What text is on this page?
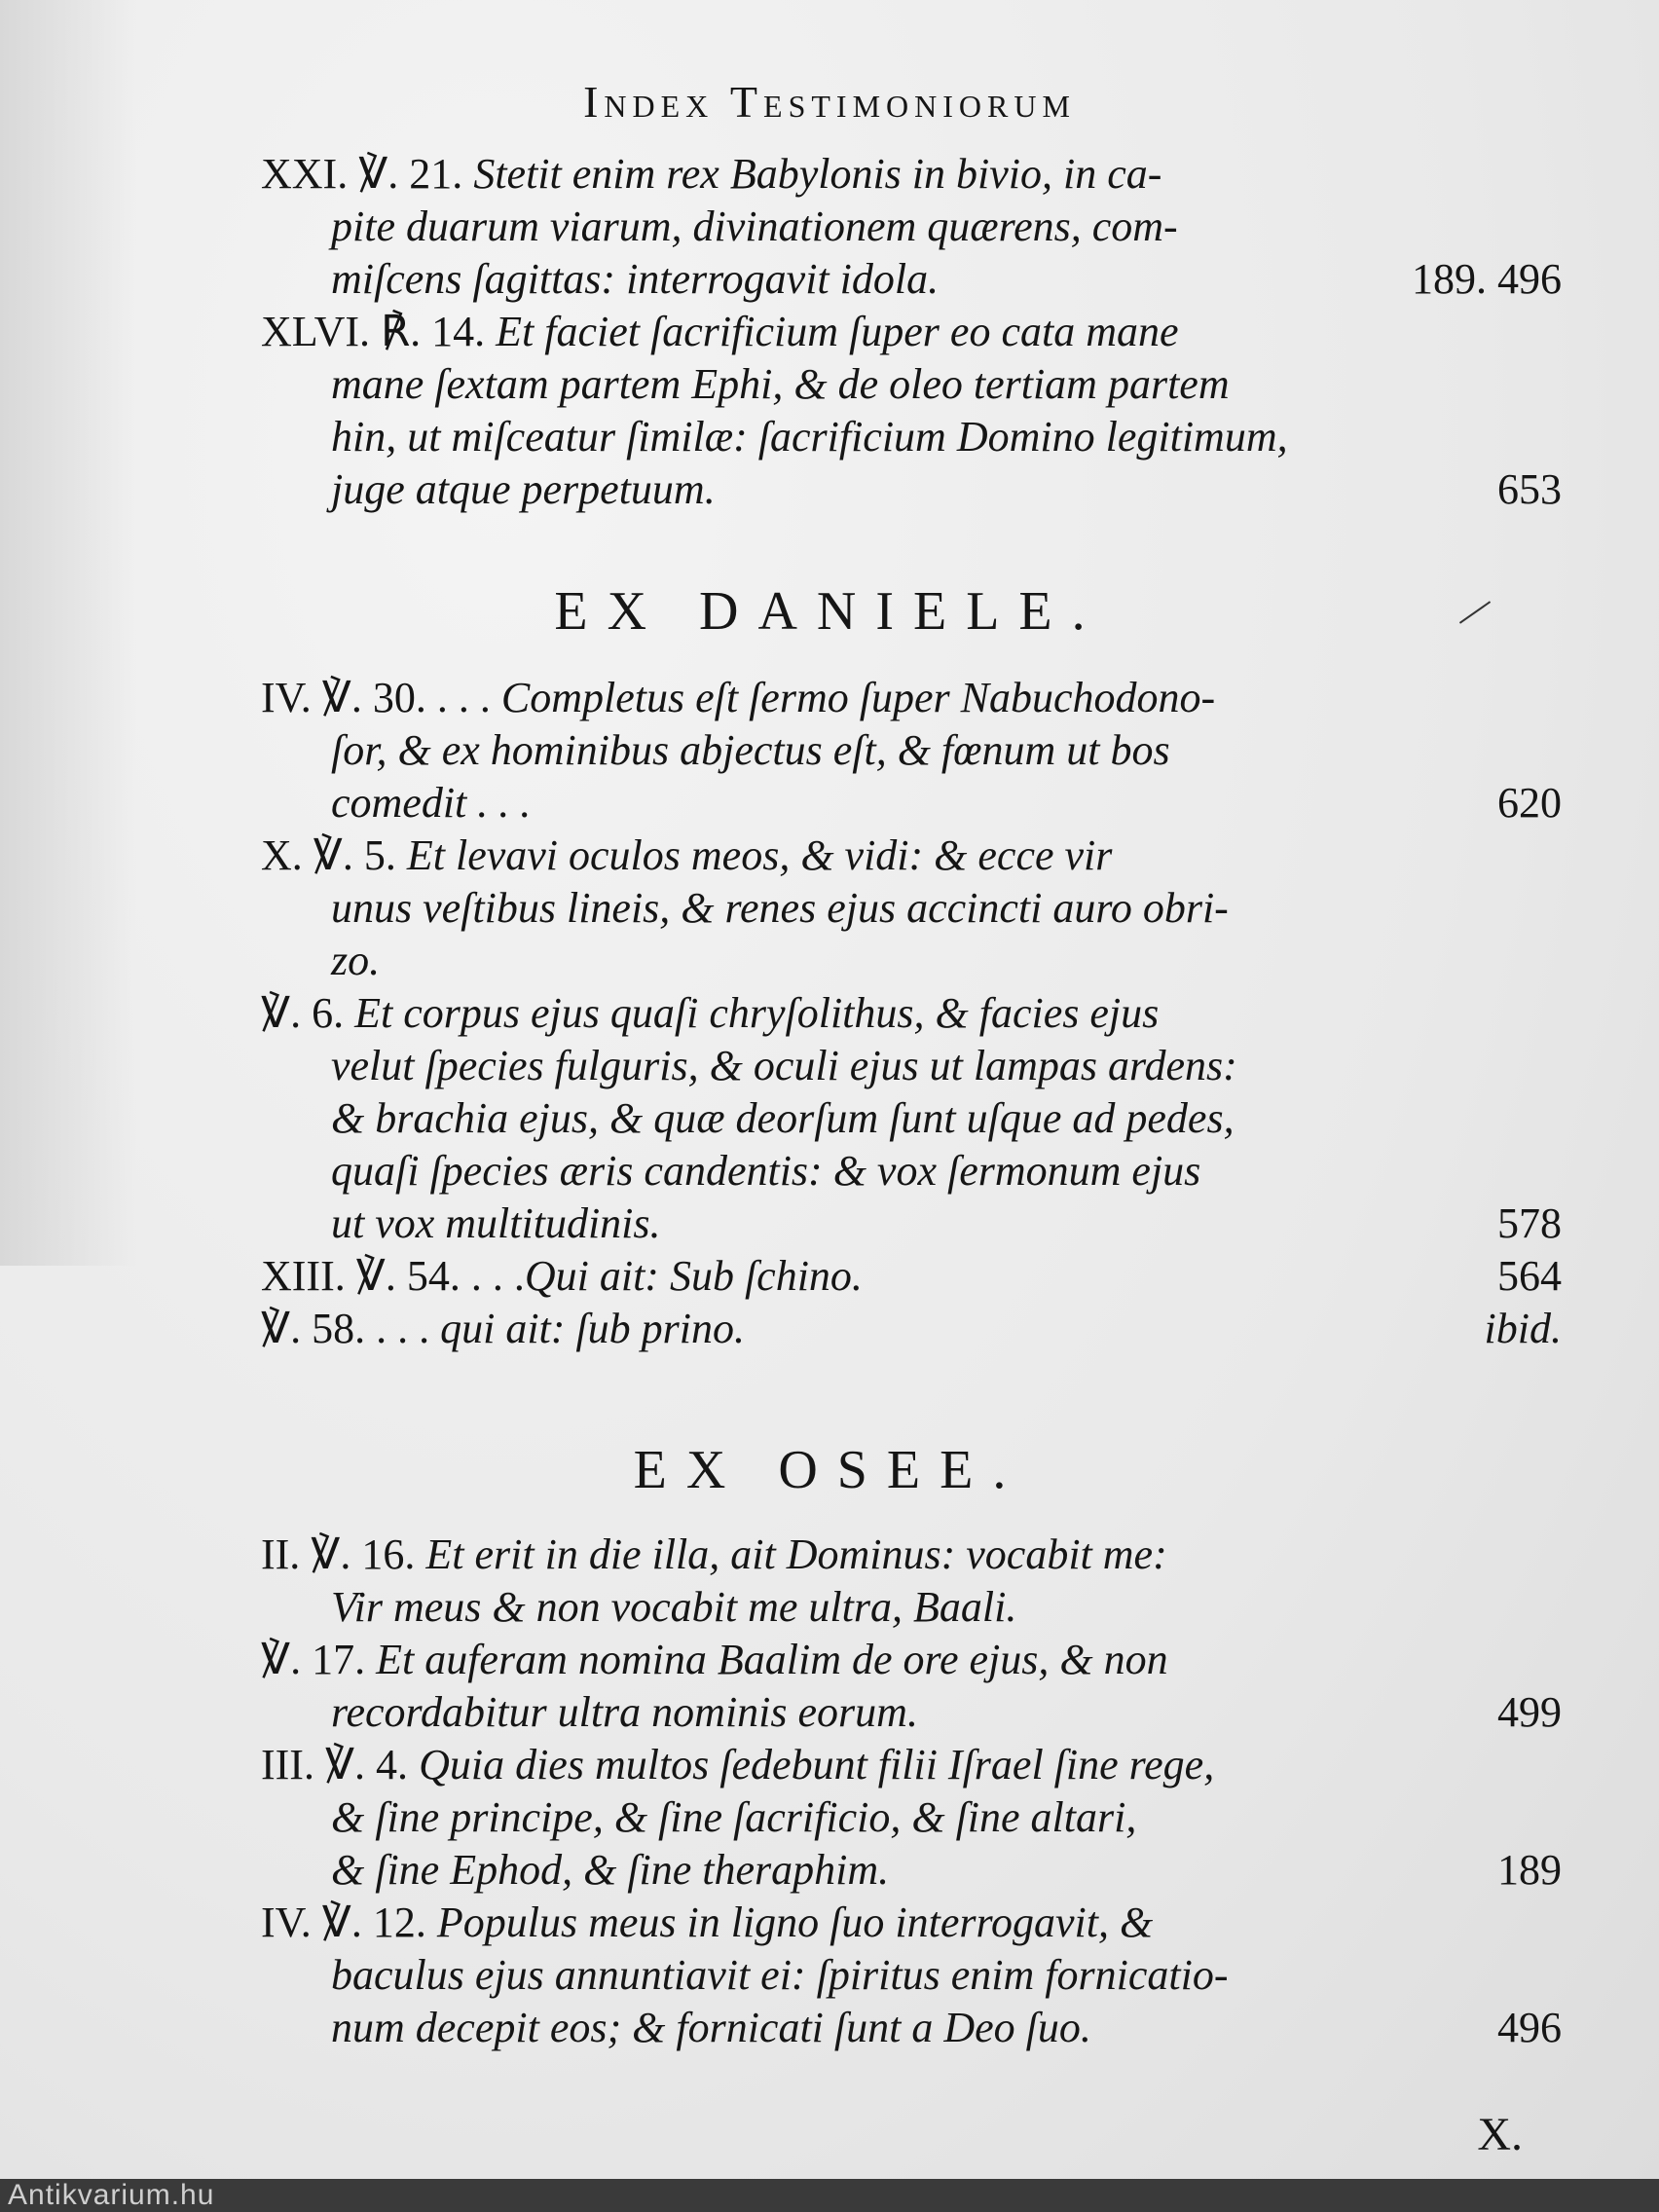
Index Testimoniorum
XXI. ℣. 21. Stetit enim rex Babylonis in bivio, in ca-
pite duarum viarum, divinationem quærens, com-
miſcens ſagittas: interrogavit idola.	189. 496
XLVI. ℟. 14. Et faciet ſacrificium ſuper eo cata mane
mane ſextam partem Ephi, & de oleo tertiam partem
hin, ut miſceatur ſimilæ: ſacrificium Domino legitimum,
juge atque perpetuum.	653
EX DANIELE.
IV. ℣. 30. . . . Completus eſt ſermo ſuper Nabuchodono-
ſor, & ex hominibus abjectus eſt, & fœnum ut bos
comedit . . .	620
X. ℣. 5. Et levavi oculos meos, & vidi: & ecce vir
unus veſtibus lineis, & renes ejus accincti auro obri-
zo.
℣. 6. Et corpus ejus quaſi chryſolithus, & facies ejus
velut ſpecies fulguris, & oculi ejus ut lampas ardens:
& brachia ejus, & quæ deorſum ſunt uſque ad pedes,
quaſi ſpecies æris candentis: & vox ſermonum ejus
ut vox multitudinis.	578
XIII. ℣. 54. . . .Qui ait: Sub ſchino.	564
℣. 58. . . . qui ait: ſub prino.	ibid.
EX OSEE.
II. ℣. 16. Et erit in die illa, ait Dominus: vocabit me:
Vir meus & non vocabit me ultra, Baali.
℣. 17. Et auferam nomina Baalim de ore ejus, & non
recordabitur ultra nominis eorum.	499
III. ℣. 4. Quia dies multos ſedebunt filii Iſrael ſine rege,
& ſine principe, & ſine ſacrificio, & ſine altari,
& ſine Ephod, & ſine theraphim.	189
IV. ℣. 12. Populus meus in ligno ſuo interrogavit, &
baculus ejus annuntiavit ei: ſpiritus enim fornicatio-
num decepit eos; & fornicati ſunt a Deo ſuo.	496
X.
Antikvarium.hu
